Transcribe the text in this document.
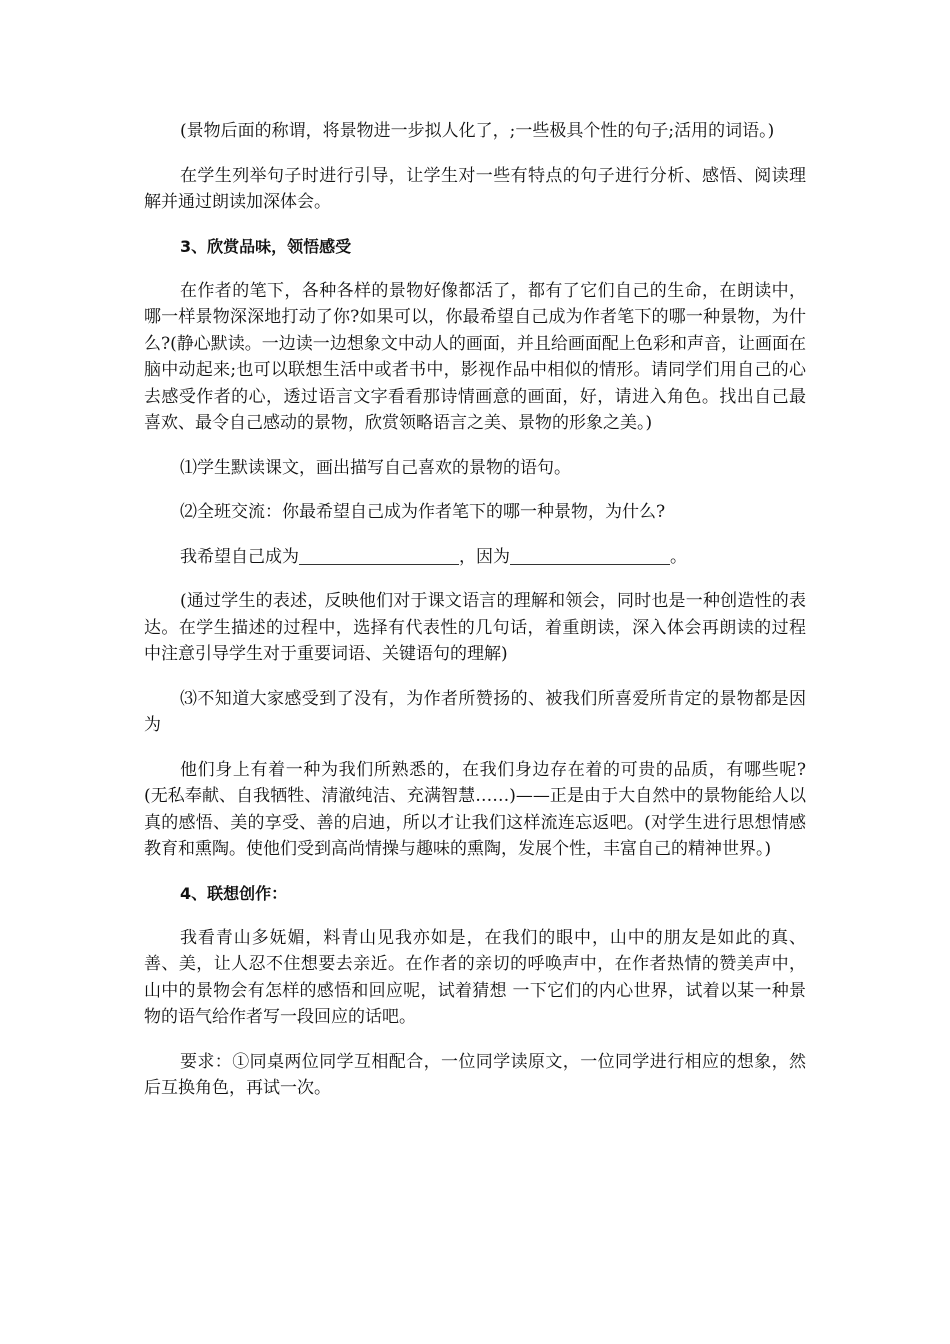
(景物后面的称谓，将景物进一步拟人化了，;一些极具个性的句子;活用的词语。)

在学生列举句子时进行引导，让学生对一些有特点的句子进行分析、感悟、阅读理解并通过朗读加深体会。

3、欣赏品味，领悟感受

在作者的笔下，各种各样的景物好像都活了，都有了它们自己的生命，在朗读中，哪一样景物深深地打动了你?如果可以，你最希望自己成为作者笔下的哪一种景物，为什么?(静心默读。一边读一边想象文中动人的画面，并且给画面配上色彩和声音，让画面在脑中动起来;也可以联想生活中或者书中，影视作品中相似的情形。请同学们用自己的心去感受作者的心，透过语言文字看看那诗情画意的画面，好，请进入角色。找出自己最喜欢、最令自己感动的景物，欣赏领略语言之美、景物的形象之美。)

⑴学生默读课文，画出描写自己喜欢的景物的语句。

⑵全班交流：你最希望自己成为作者笔下的哪一种景物，为什么?

我希望自己成为	，因为	。

(通过学生的表述，反映他们对于课文语言的理解和领会，同时也是一种创造性的表达。在学生描述的过程中，选择有代表性的几句话，着重朗读，深入体会再朗读的过程中注意引导学生对于重要词语、关键语句的理解)

⑶不知道大家感受到了没有，为作者所赞扬的、被我们所喜爱所肯定的景物都是因为

他们身上有着一种为我们所熟悉的，在我们身边存在着的可贵的品质，有哪些呢?(无私奉献、自我牺牲、清澈纯洁、充满智慧……)——正是由于大自然中的景物能给人以真的感悟、美的享受、善的启迪，所以才让我们这样流连忘返吧。(对学生进行思想情感教育和熏陶。使他们受到高尚情操与趣味的熏陶，发展个性，丰富自己的精神世界。)

4、联想创作：

我看青山多妩媚，料青山见我亦如是，在我们的眼中，山中的朋友是如此的真、善、美，让人忍不住想要去亲近。在作者的亲切的呼唤声中，在作者热情的赞美声中，山中的景物会有怎样的感悟和回应呢，试着猜想 一下它们的内心世界，试着以某一种景物的语气给作者写一段回应的话吧。

要求：①同桌两位同学互相配合，一位同学读原文，一位同学进行相应的想象，然后互换角色，再试一次。
